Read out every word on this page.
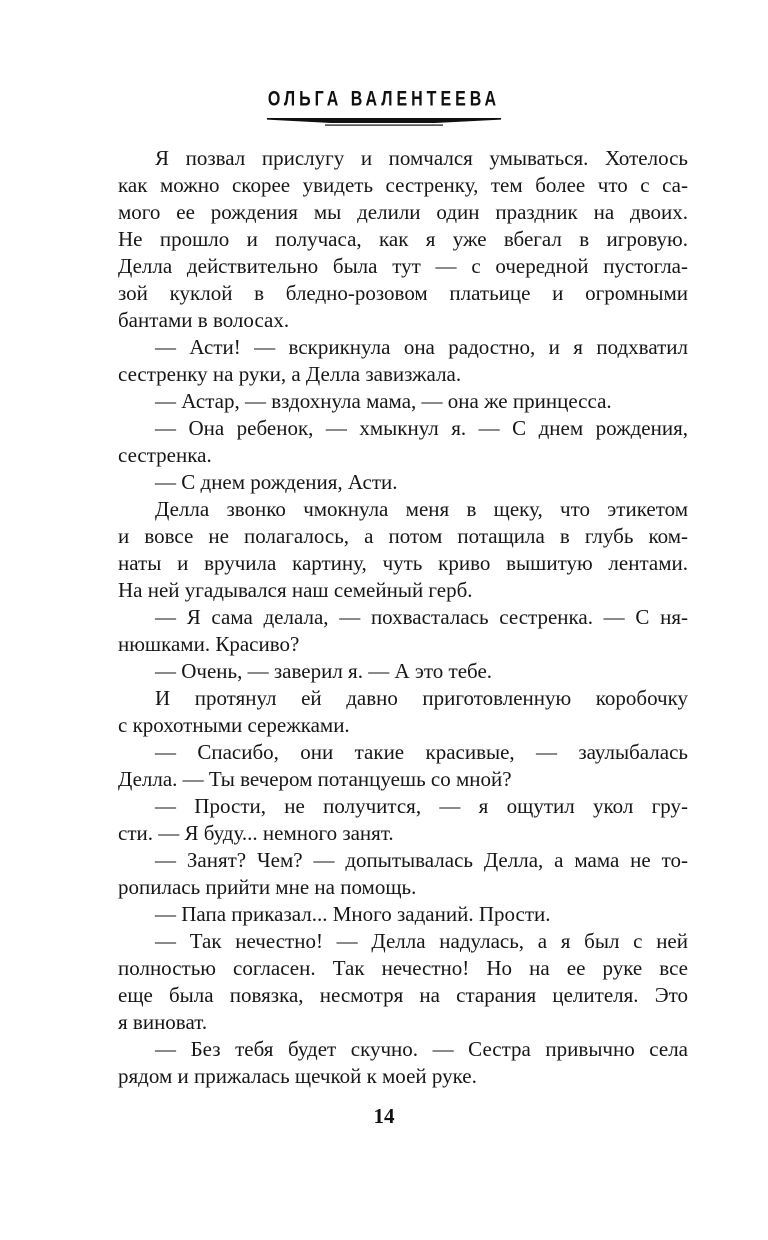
ОЛЬГА ВАЛЕНТЕЕВА
Я позвал прислугу и помчался умываться. Хотелось
как можно скорее увидеть сестренку, тем более что с са-
мого ее рождения мы делили один праздник на двоих.
Не прошло и получаса, как я уже вбегал в игровую.
Делла действительно была тут — с очередной пустогла-
зой куклой в бледно-розовом платьице и огромными
бантами в волосах.
— Асти! — вскрикнула она радостно, и я подхватил
сестренку на руки, а Делла завизжала.
— Астар, — вздохнула мама, — она же принцесса.
— Она ребенок, — хмыкнул я. — С днем рождения,
сестренка.
— С днем рождения, Асти.
Делла звонко чмокнула меня в щеку, что этикетом
и вовсе не полагалось, а потом потащила в глубь ком-
наты и вручила картину, чуть криво вышитую лентами.
На ней угадывался наш семейный герб.
— Я сама делала, — похвасталась сестренка. — С ня-
нюшками. Красиво?
— Очень, — заверил я. — А это тебе.
И протянул ей давно приготовленную коробочку
с крохотными сережками.
— Спасибо, они такие красивые, — заулыбалась
Делла. — Ты вечером потанцуешь со мной?
— Прости, не получится, — я ощутил укол гру-
сти. — Я буду... немного занят.
— Занят? Чем? — допытывалась Делла, а мама не то-
ропилась прийти мне на помощь.
— Папа приказал... Много заданий. Прости.
— Так нечестно! — Делла надулась, а я был с ней
полностью согласен. Так нечестно! Но на ее руке все
еще была повязка, несмотря на старания целителя. Это
я виноват.
— Без тебя будет скучно. — Сестра привычно села
рядом и прижалась щечкой к моей руке.
14
